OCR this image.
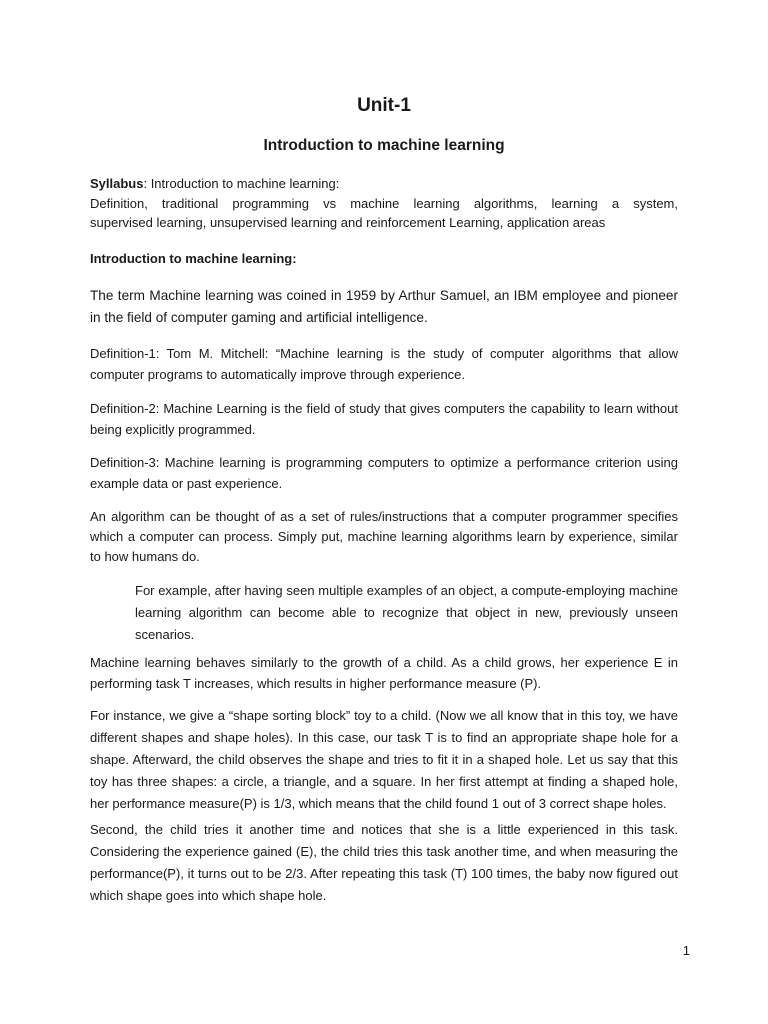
Unit-1
Introduction to machine learning
Syllabus: Introduction to machine learning:
Definition, traditional programming vs machine learning algorithms, learning a system,
supervised learning, unsupervised learning and reinforcement Learning, application areas

Introduction to machine learning:

The term Machine learning was coined in 1959 by Arthur Samuel, an IBM employee and pioneer in the field of computer gaming and artificial intelligence.

Definition-1: Tom M. Mitchell: “Machine learning is the study of computer algorithms that allow computer programs to automatically improve through experience.

Definition-2: Machine Learning is the field of study that gives computers the capability to learn without being explicitly programmed.

Definition-3: Machine learning is programming computers to optimize a performance criterion using example data or past experience.

An algorithm can be thought of as a set of rules/instructions that a computer programmer specifies which a computer can process. Simply put, machine learning algorithms learn by experience, similar to how humans do.

For example, after having seen multiple examples of an object, a compute-employing machine learning algorithm can become able to recognize that object in new, previously unseen scenarios.

Machine learning behaves similarly to the growth of a child. As a child grows, her experience E in performing task T increases, which results in higher performance measure (P).

For instance, we give a “shape sorting block” toy to a child. (Now we all know that in this toy, we have different shapes and shape holes). In this case, our task T is to find an appropriate shape hole for a shape. Afterward, the child observes the shape and tries to fit it in a shaped hole. Let us say that this toy has three shapes: a circle, a triangle, and a square. In her first attempt at finding a shaped hole, her performance measure(P) is 1/3, which means that the child found 1 out of 3 correct shape holes.

Second, the child tries it another time and notices that she is a little experienced in this task. Considering the experience gained (E), the child tries this task another time, and when measuring the performance(P), it turns out to be 2/3. After repeating this task (T) 100 times, the baby now figured out which shape goes into which shape hole.

1
